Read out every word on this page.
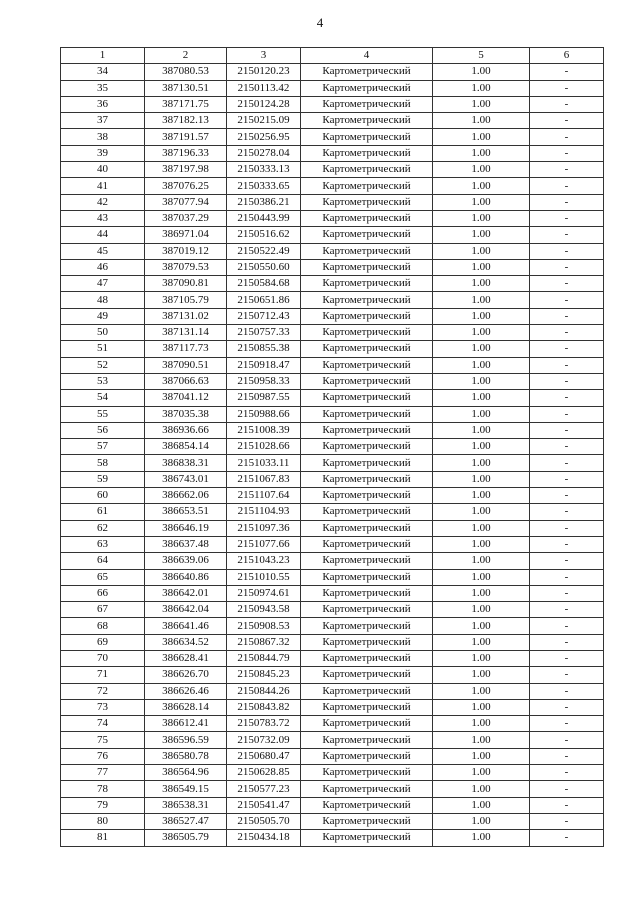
4
1	2	3	4	5	6
34	387080.53	2150120.23	Картометрический	1.00	-
35	387130.51	2150113.42	Картометрический	1.00	-
36	387171.75	2150124.28	Картометрический	1.00	-
37	387182.13	2150215.09	Картометрический	1.00	-
38	387191.57	2150256.95	Картометрический	1.00	-
39	387196.33	2150278.04	Картометрический	1.00	-
40	387197.98	2150333.13	Картометрический	1.00	-
41	387076.25	2150333.65	Картометрический	1.00	-
42	387077.94	2150386.21	Картометрический	1.00	-
43	387037.29	2150443.99	Картометрический	1.00	-
44	386971.04	2150516.62	Картометрический	1.00	-
45	387019.12	2150522.49	Картометрический	1.00	-
46	387079.53	2150550.60	Картометрический	1.00	-
47	387090.81	2150584.68	Картометрический	1.00	-
48	387105.79	2150651.86	Картометрический	1.00	-
49	387131.02	2150712.43	Картометрический	1.00	-
50	387131.14	2150757.33	Картометрический	1.00	-
51	387117.73	2150855.38	Картометрический	1.00	-
52	387090.51	2150918.47	Картометрический	1.00	-
53	387066.63	2150958.33	Картометрический	1.00	-
54	387041.12	2150987.55	Картометрический	1.00	-
55	387035.38	2150988.66	Картометрический	1.00	-
56	386936.66	2151008.39	Картометрический	1.00	-
57	386854.14	2151028.66	Картометрический	1.00	-
58	386838.31	2151033.11	Картометрический	1.00	-
59	386743.01	2151067.83	Картометрический	1.00	-
60	386662.06	2151107.64	Картометрический	1.00	-
61	386653.51	2151104.93	Картометрический	1.00	-
62	386646.19	2151097.36	Картометрический	1.00	-
63	386637.48	2151077.66	Картометрический	1.00	-
64	386639.06	2151043.23	Картометрический	1.00	-
65	386640.86	2151010.55	Картометрический	1.00	-
66	386642.01	2150974.61	Картометрический	1.00	-
67	386642.04	2150943.58	Картометрический	1.00	-
68	386641.46	2150908.53	Картометрический	1.00	-
69	386634.52	2150867.32	Картометрический	1.00	-
70	386628.41	2150844.79	Картометрический	1.00	-
71	386626.70	2150845.23	Картометрический	1.00	-
72	386626.46	2150844.26	Картометрический	1.00	-
73	386628.14	2150843.82	Картометрический	1.00	-
74	386612.41	2150783.72	Картометрический	1.00	-
75	386596.59	2150732.09	Картометрический	1.00	-
76	386580.78	2150680.47	Картометрический	1.00	-
77	386564.96	2150628.85	Картометрический	1.00	-
78	386549.15	2150577.23	Картометрический	1.00	-
79	386538.31	2150541.47	Картометрический	1.00	-
80	386527.47	2150505.70	Картометрический	1.00	-
81	386505.79	2150434.18	Картометрический	1.00	-
